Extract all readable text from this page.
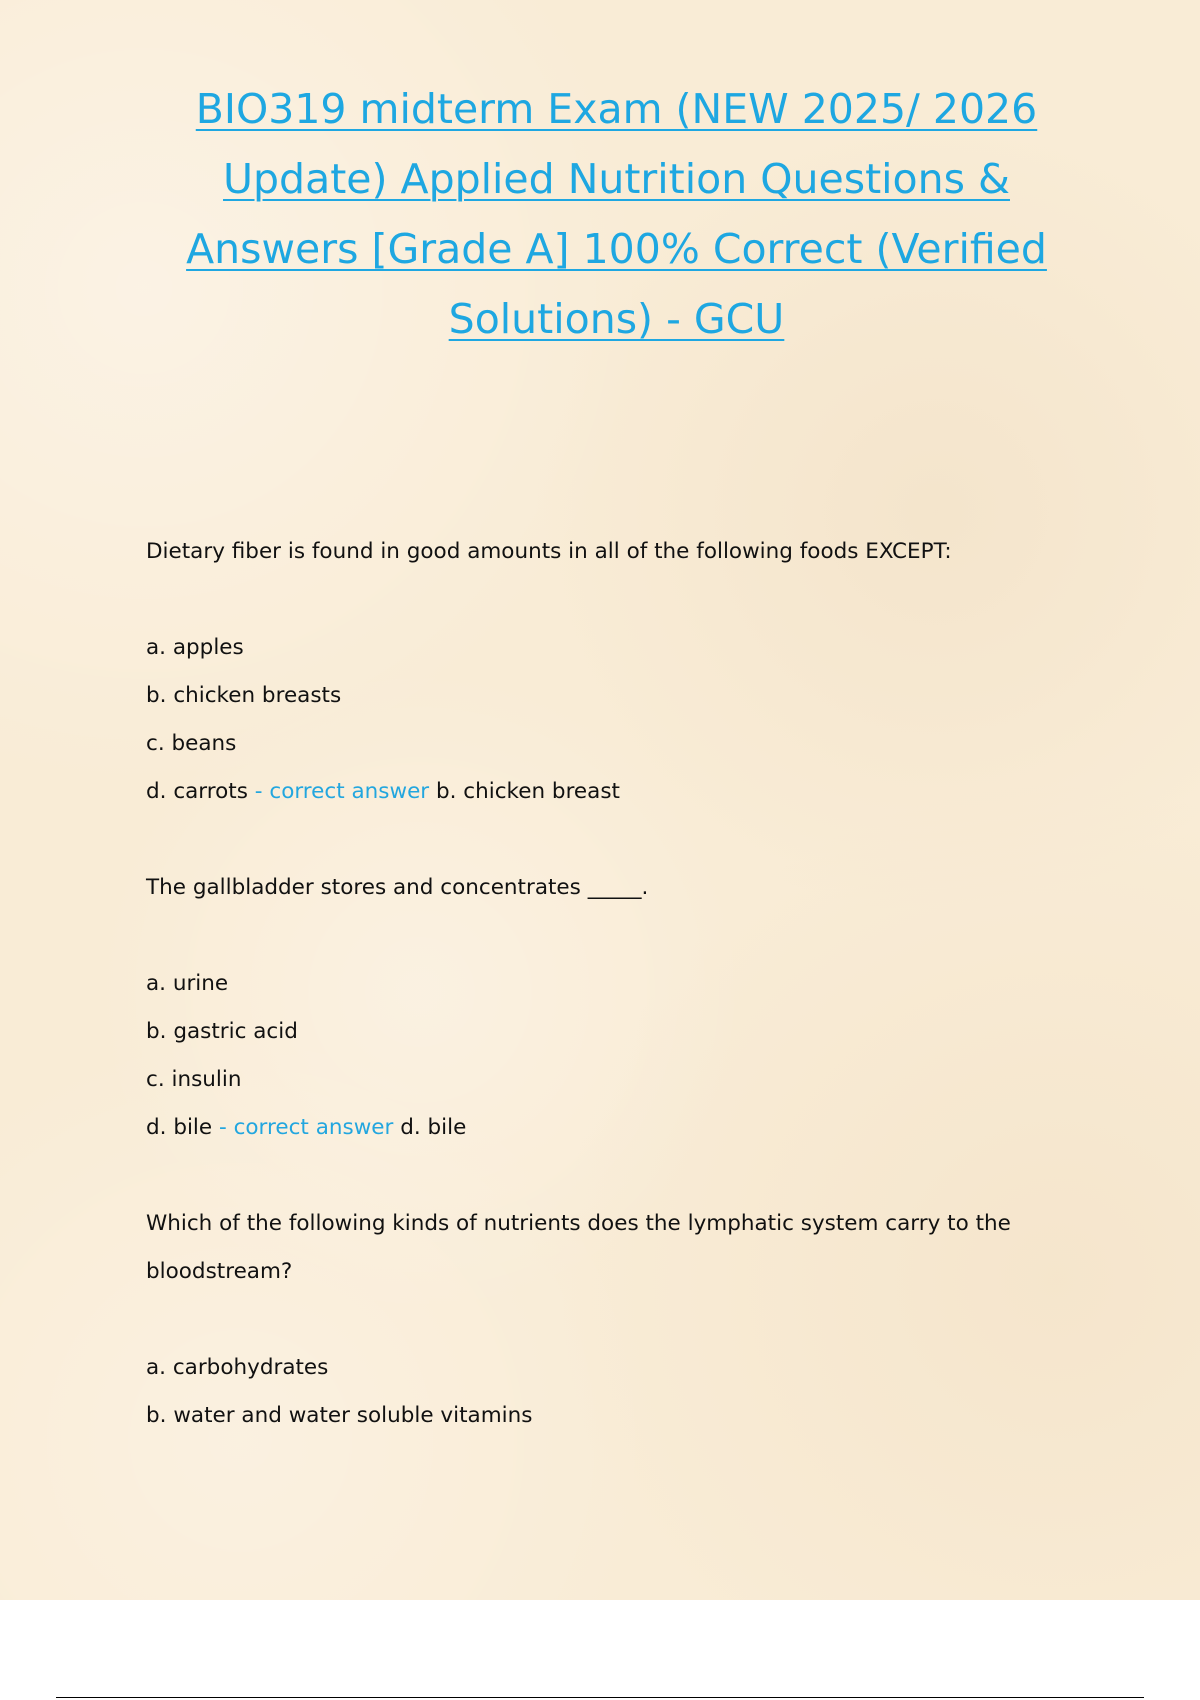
BIO319 midterm Exam (NEW 2025/ 2026 Update) Applied Nutrition Questions & Answers [Grade A] 100% Correct (Verified Solutions) - GCU

Dietary fiber is found in good amounts in all of the following foods EXCEPT:

a. apples
b. chicken breasts
c. beans
d. carrots - correct answer b. chicken breast

The gallbladder stores and concentrates _____.

a. urine
b. gastric acid
c. insulin
d. bile - correct answer d. bile

Which of the following kinds of nutrients does the lymphatic system carry to the bloodstream?

a. carbohydrates
b. water and water soluble vitamins
